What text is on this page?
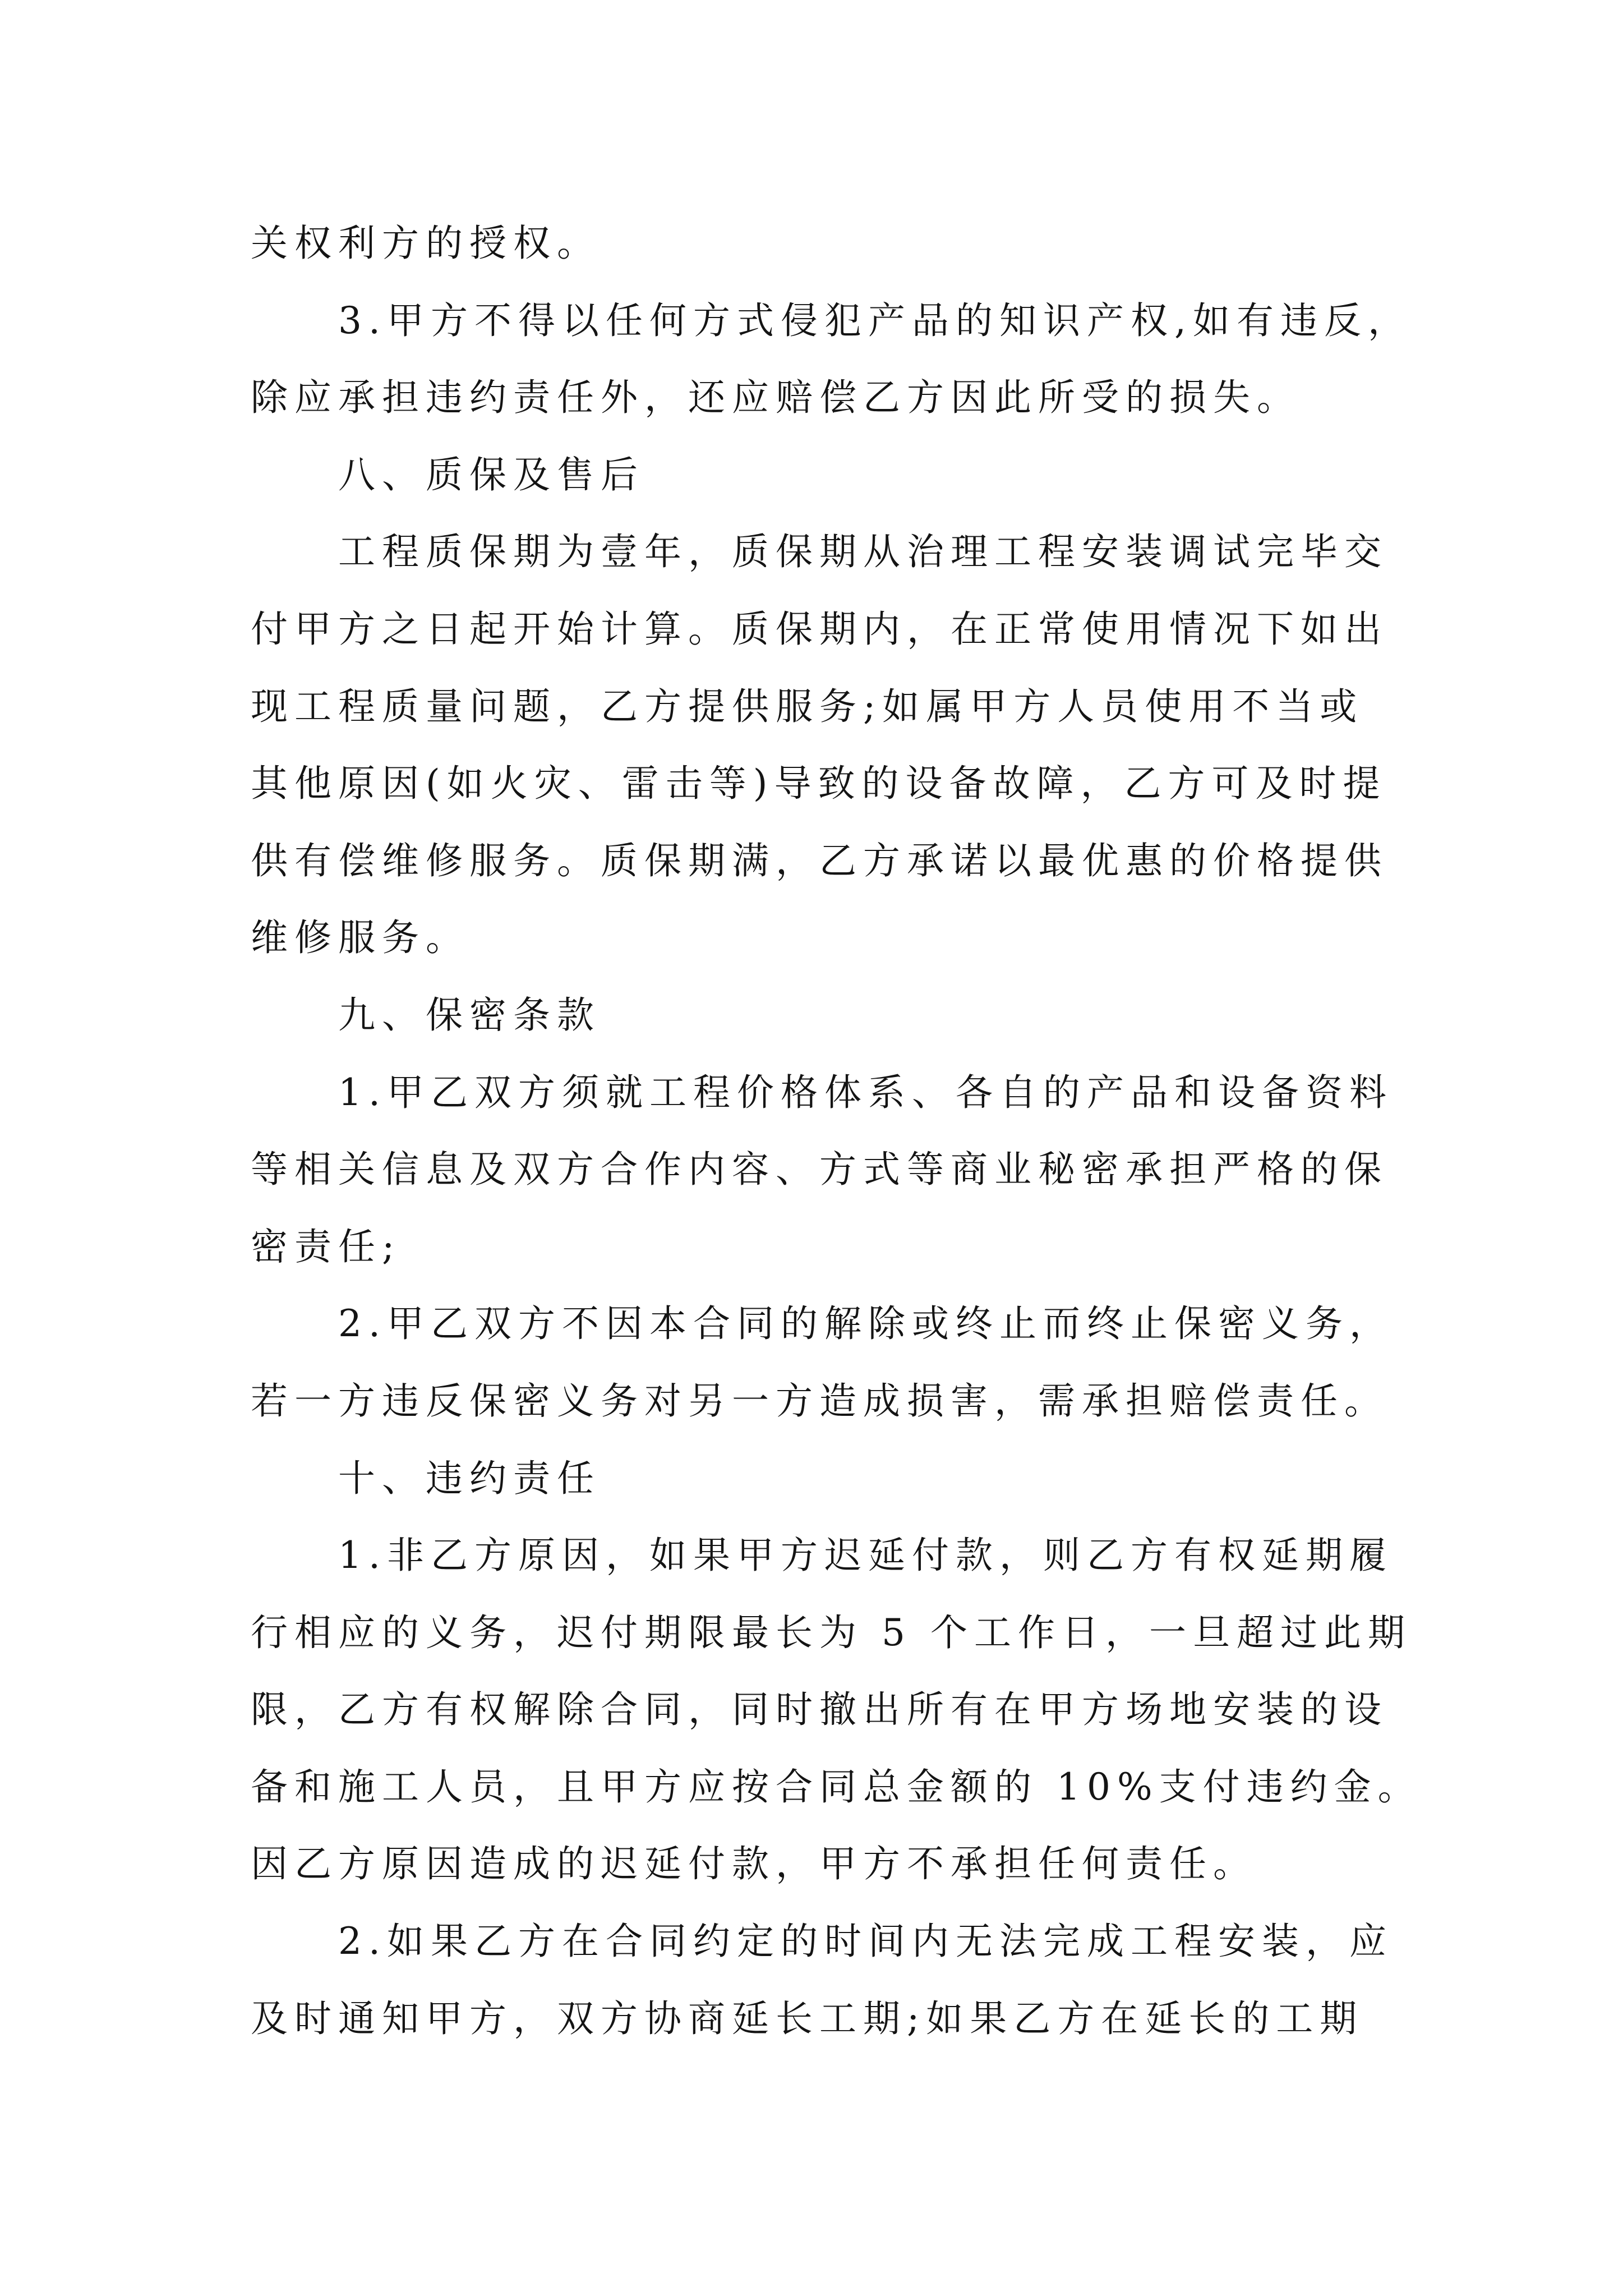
关权利方的授权。
3.甲方不得以任何方式侵犯产品的知识产权,如有违反，
除应承担违约责任外，还应赔偿乙方因此所受的损失。
八、质保及售后
工程质保期为壹年，质保期从治理工程安装调试完毕交
付甲方之日起开始计算。质保期内，在正常使用情况下如出
现工程质量问题，乙方提供服务;如属甲方人员使用不当或
其他原因(如火灾、雷击等)导致的设备故障，乙方可及时提
供有偿维修服务。质保期满，乙方承诺以最优惠的价格提供
维修服务。
九、保密条款
1.甲乙双方须就工程价格体系、各自的产品和设备资料
等相关信息及双方合作内容、方式等商业秘密承担严格的保
密责任;
2.甲乙双方不因本合同的解除或终止而终止保密义务，
若一方违反保密义务对另一方造成损害，需承担赔偿责任。
十、违约责任
1.非乙方原因，如果甲方迟延付款，则乙方有权延期履
行相应的义务，迟付期限最长为 5 个工作日，一旦超过此期
限，乙方有权解除合同，同时撤出所有在甲方场地安装的设
备和施工人员，且甲方应按合同总金额的 10%支付违约金。
因乙方原因造成的迟延付款，甲方不承担任何责任。
2.如果乙方在合同约定的时间内无法完成工程安装，应
及时通知甲方，双方协商延长工期;如果乙方在延长的工期
